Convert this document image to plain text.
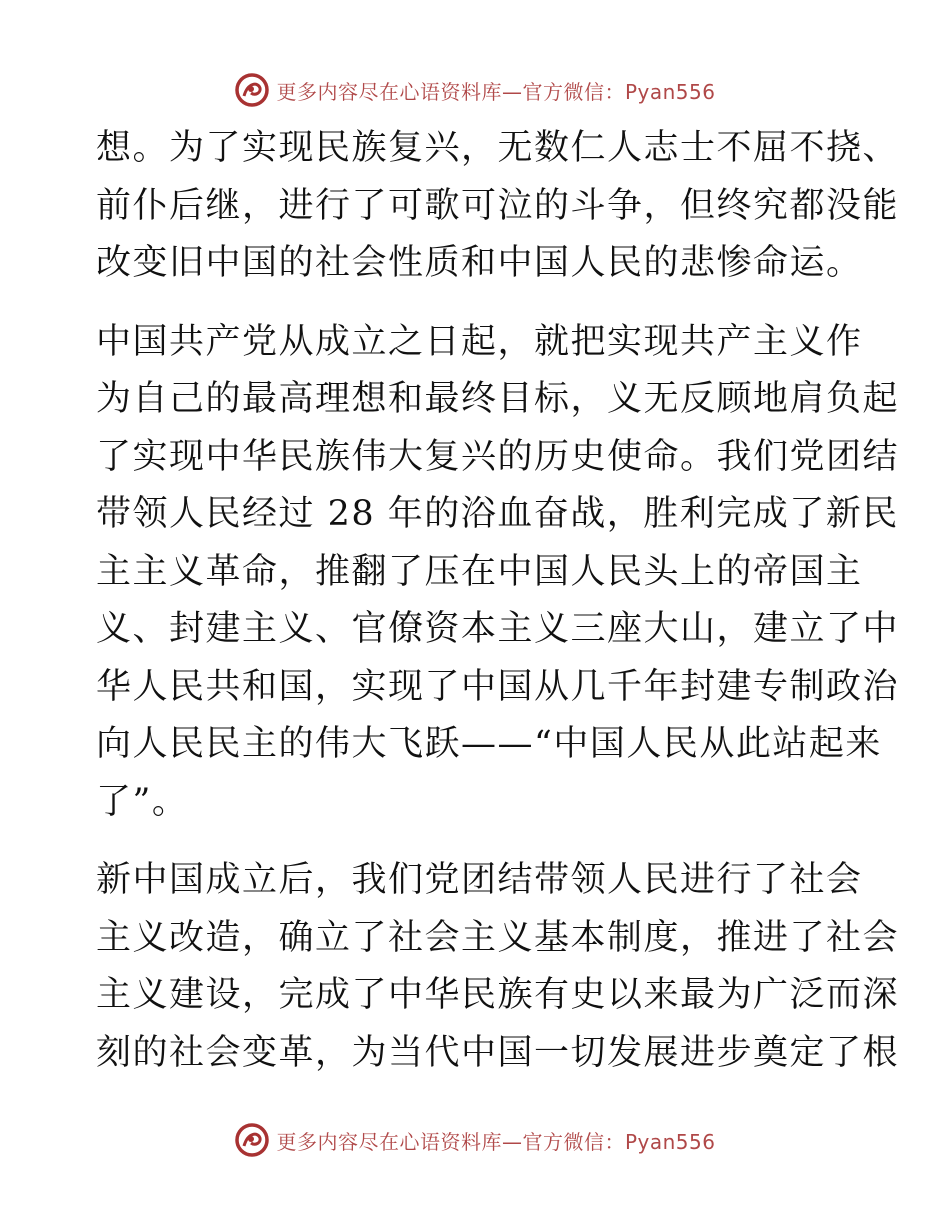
更多内容尽在心语资料库—官方微信：Pyan556

想。为了实现民族复兴，无数仁人志士不屈不挠、
前仆后继，进行了可歌可泣的斗争，但终究都没能
改变旧中国的社会性质和中国人民的悲惨命运。

中国共产党从成立之日起，就把实现共产主义作
为自己的最高理想和最终目标，义无反顾地肩负起
了实现中华民族伟大复兴的历史使命。我们党团结
带领人民经过 28 年的浴血奋战，胜利完成了新民
主主义革命，推翻了压在中国人民头上的帝国主
义、封建主义、官僚资本主义三座大山，建立了中
华人民共和国，实现了中国从几千年封建专制政治
向人民民主的伟大飞跃——“中国人民从此站起来
了”。

新中国成立后，我们党团结带领人民进行了社会
主义改造，确立了社会主义基本制度，推进了社会
主义建设，完成了中华民族有史以来最为广泛而深
刻的社会变革，为当代中国一切发展进步奠定了根

更多内容尽在心语资料库—官方微信：Pyan556
